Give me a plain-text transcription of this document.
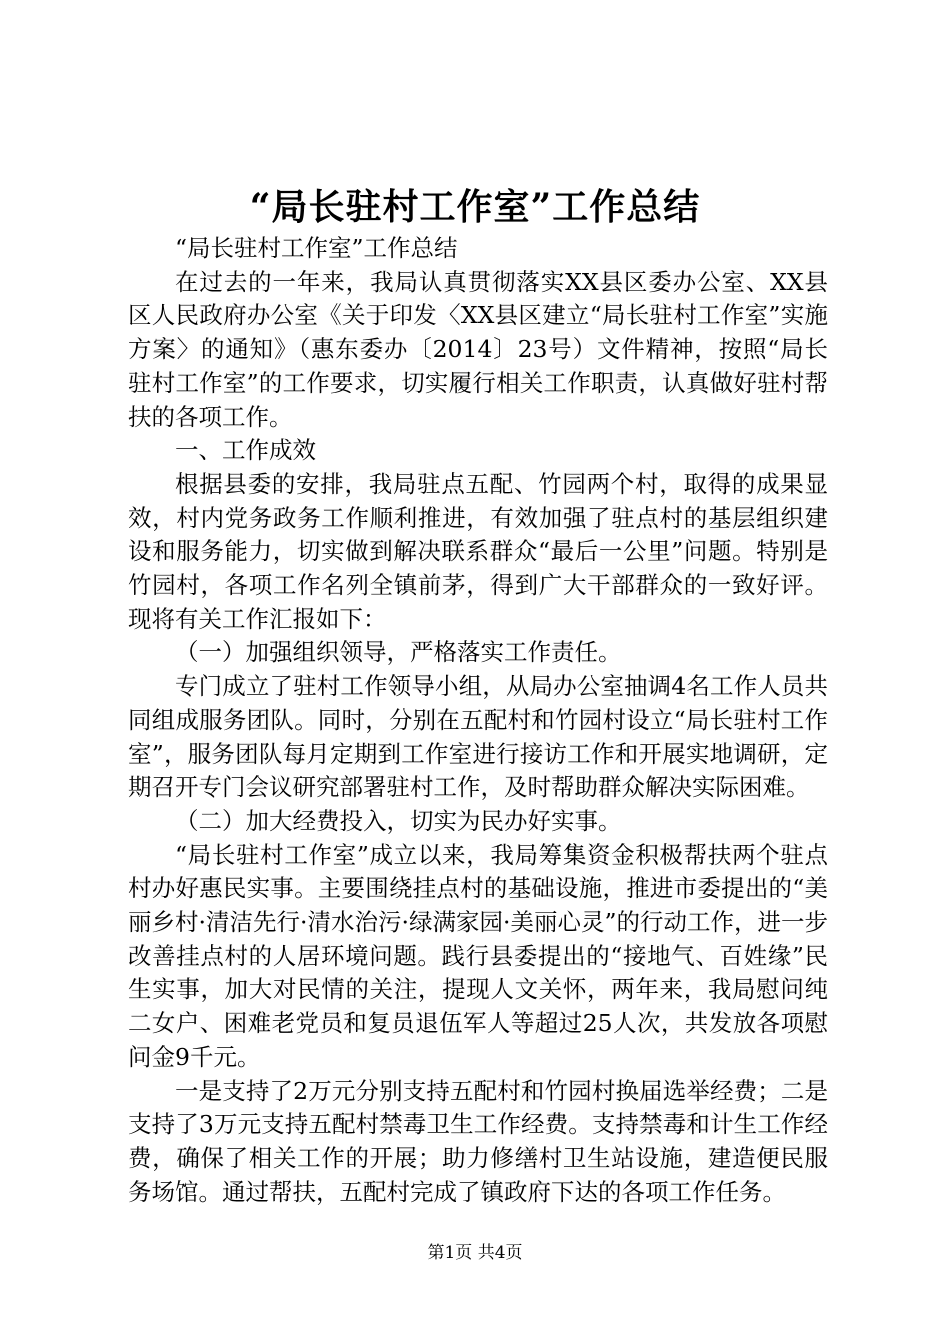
“局长驻村工作室”工作总结

“局长驻村工作室”工作总结

在过去的一年来，我局认真贯彻落实XX县区委办公室、XX县区人民政府办公室《关于印发〈XX县区建立“局长驻村工作室”实施方案〉的通知》（惠东委办〔2014〕23号）文件精神，按照“局长驻村工作室”的工作要求，切实履行相关工作职责，认真做好驻村帮扶的各项工作。

一、工作成效

根据县委的安排，我局驻点五配、竹园两个村，取得的成果显效，村内党务政务工作顺利推进，有效加强了驻点村的基层组织建设和服务能力，切实做到解决联系群众“最后一公里”问题。特别是竹园村，各项工作名列全镇前茅，得到广大干部群众的一致好评。现将有关工作汇报如下：

（一）加强组织领导，严格落实工作责任。

专门成立了驻村工作领导小组，从局办公室抽调4名工作人员共同组成服务团队。同时，分别在五配村和竹园村设立“局长驻村工作室”，服务团队每月定期到工作室进行接访工作和开展实地调研，定期召开专门会议研究部署驻村工作，及时帮助群众解决实际困难。

（二）加大经费投入，切实为民办好实事。

“局长驻村工作室”成立以来，我局筹集资金积极帮扶两个驻点村办好惠民实事。主要围绕挂点村的基础设施，推进市委提出的“美丽乡村·清洁先行·清水治污·绿满家园·美丽心灵”的行动工作，进一步改善挂点村的人居环境问题。践行县委提出的“接地气、百姓缘”民生实事，加大对民情的关注，提现人文关怀，两年来，我局慰问纯二女户、困难老党员和复员退伍军人等超过25人次，共发放各项慰问金9千元。

一是支持了2万元分别支持五配村和竹园村换届选举经费；二是支持了3万元支持五配村禁毒卫生工作经费。支持禁毒和计生工作经费，确保了相关工作的开展；助力修缮村卫生站设施，建造便民服务场馆。通过帮扶，五配村完成了镇政府下达的各项工作任务。

第1页 共4页
